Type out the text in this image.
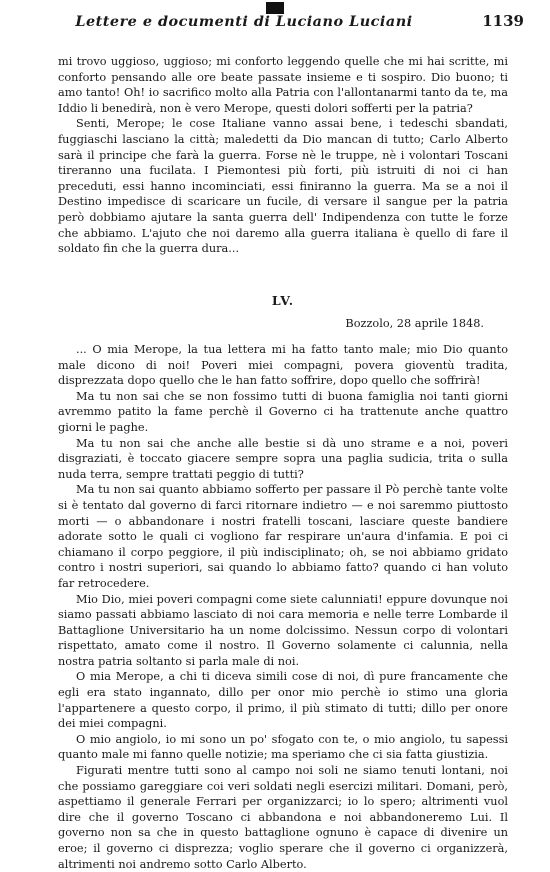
Lettere e documenti di Luciano Luciani	1139

mi trovo uggioso, uggioso; mi conforto leggendo quelle che mi hai scritte, mi conforto pensando alle ore beate passate insieme e ti sospiro. Dio buono; ti amo tanto! Oh! io sacrifico molto alla Patria con l'allontanarmi tanto da te, ma Iddio li benedirà, non è vero Merope, questi dolori sofferti per la patria?

Senti, Merope; le cose Italiane vanno assai bene, i tedeschi sbandati, fuggiaschi lasciano la città; maledetti da Dio mancan di tutto; Carlo Alberto sarà il principe che farà la guerra. Forse nè le truppe, nè i volontari Toscani tireranno una fucilata. I Piemontesi più forti, più istruiti di noi ci han preceduti, essi hanno incominciati, essi finiranno la guerra. Ma se a noi il Destino impedisce di scaricare un fucile, di versare il sangue per la patria però dobbiamo ajutare la santa guerra dell' Indipendenza con tutte le forze che abbiamo. L'ajuto che noi daremo alla guerra italiana è quello di fare il soldato fin che la guerra dura...

LV.
Bozzolo, 28 aprile 1848.

... O mia Merope, la tua lettera mi ha fatto tanto male; mio Dio quanto male dicono di noi! Poveri miei compagni, povera gioventù tradita, disprezzata dopo quello che le han fatto soffrire, dopo quello che soffrirà!

Ma tu non sai che se non fossimo tutti di buona famiglia noi tanti giorni avremmo patito la fame perchè il Governo ci ha trattenute anche quattro giorni le paghe.

Ma tu non sai che anche alle bestie si dà uno strame e a noi, poveri disgraziati, è toccato giacere sempre sopra una paglia sudicia, trita o sulla nuda terra, sempre trattati peggio di tutti?

Ma tu non sai quanto abbiamo sofferto per passare il Pò perchè tante volte si è tentato dal governo di farci ritornare indietro — e noi saremmo piuttosto morti — o abbandonare i nostri fratelli toscani, lasciare queste bandiere adorate sotto le quali ci vogliono far respirare un'aura d'infamia. E poi ci chiamano il corpo peggiore, il più indisciplinato; oh, se noi abbiamo gridato contro i nostri superiori, sai quando lo abbiamo fatto? quando ci han voluto far retrocedere.

Mio Dio, miei poveri compagni come siete calunniati! eppure dovunque noi siamo passati abbiamo lasciato di noi cara memoria e nelle terre Lombarde il Battaglione Universitario ha un nome dolcissimo. Nessun corpo di volontari rispettato, amato come il nostro. Il Governo solamente ci calunnia, nella nostra patria soltanto si parla male di noi.

O mia Merope, a chi ti diceva simili cose di noi, dì pure francamente che egli era stato ingannato, dillo per onor mio perchè io stimo una gloria l'appartenere a questo corpo, il primo, il più stimato di tutti; dillo per onore dei miei compagni.

O mio angiolo, io mi sono un po' sfogato con te, o mio angiolo, tu sapessi quanto male mi fanno quelle notizie; ma speriamo che ci sia fatta giustizia.

Figurati mentre tutti sono al campo noi soli ne siamo tenuti lontani, noi che possiamo gareggiare coi veri soldati negli esercizi militari. Domani, però, aspettiamo il generale Ferrari per organizzarci; io lo spero; altrimenti vuol dire che il governo Toscano ci abbandona e noi abbandoneremo Lui. Il governo non sa che in questo battaglione ognuno è capace di divenire un eroe; il governo ci disprezza; voglio sperare che il governo ci organizzerà, altrimenti noi andremo sotto Carlo Alberto.
